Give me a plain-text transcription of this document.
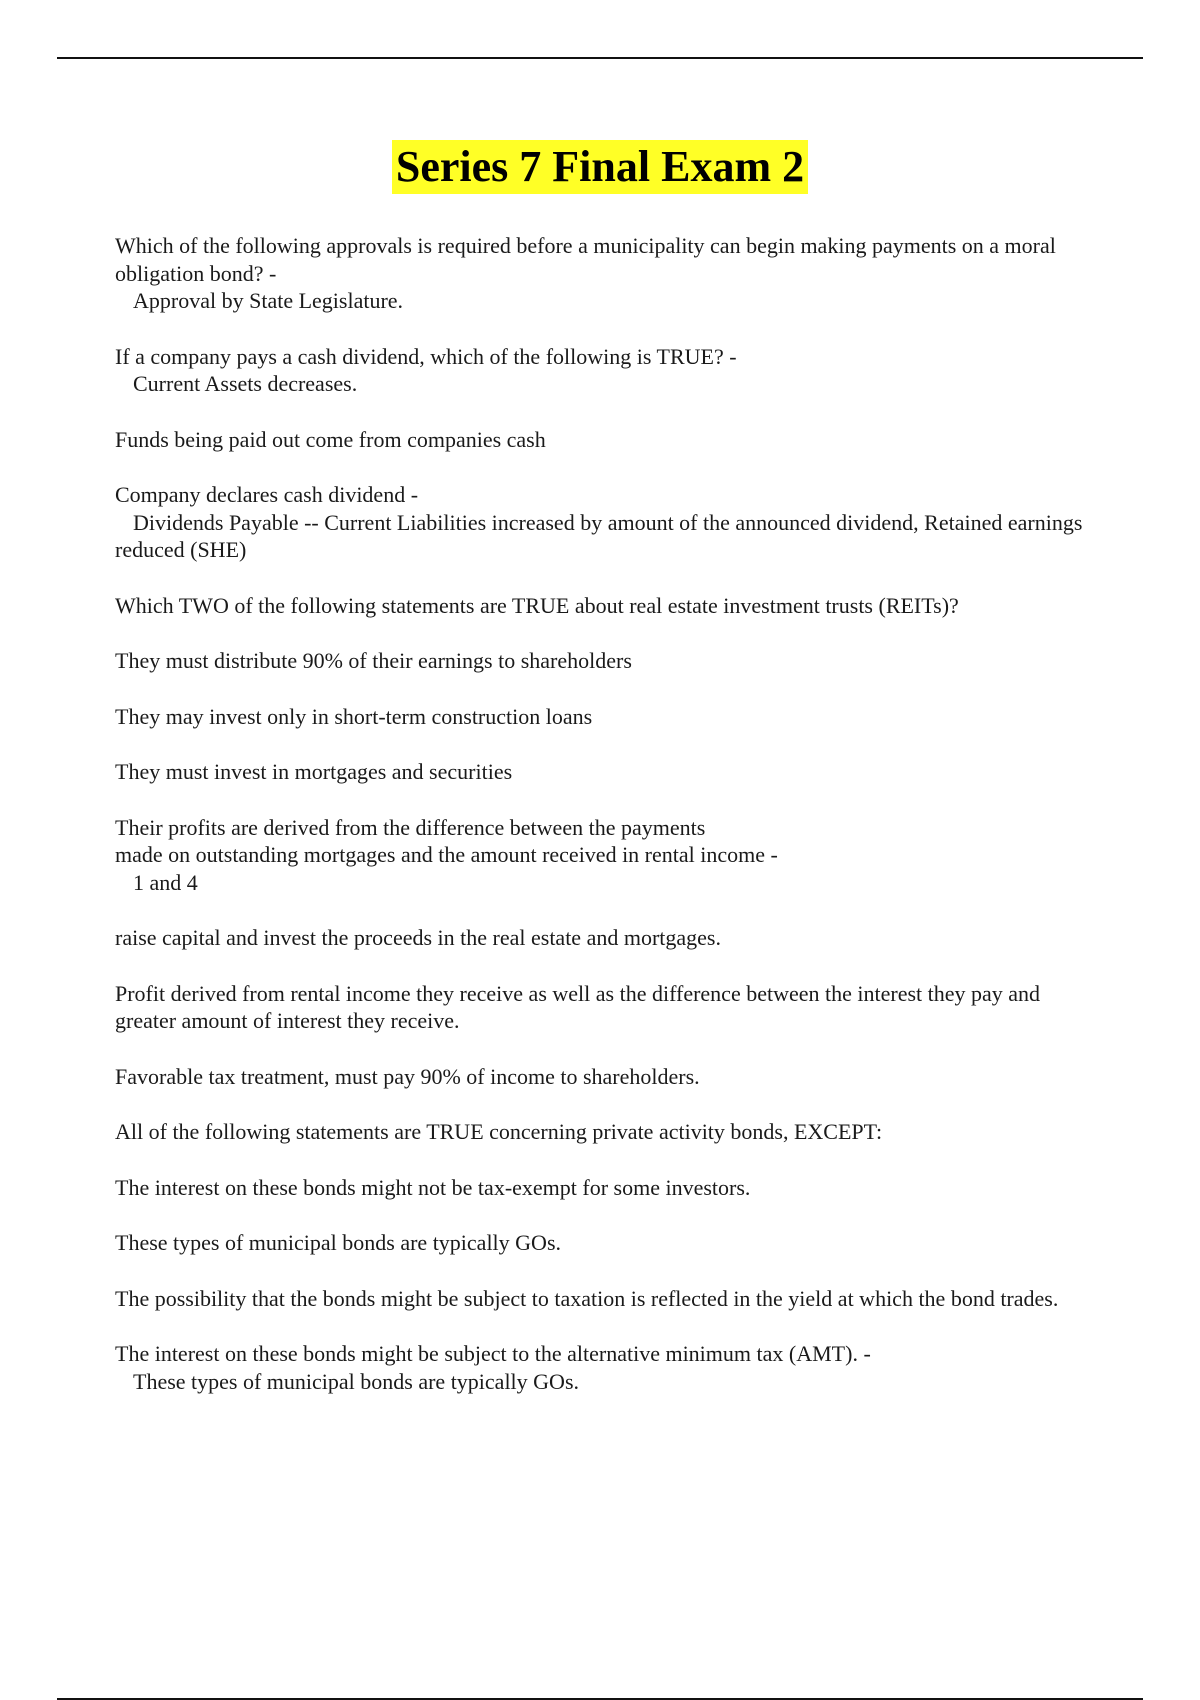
Series 7 Final Exam 2
Which of the following approvals is required before a municipality can begin making payments on a moral obligation bond? -
Approval by State Legislature.
If a company pays a cash dividend, which of the following is TRUE? -
Current Assets decreases.
Funds being paid out come from companies cash
Company declares cash dividend -
Dividends Payable -- Current Liabilities increased by amount of the announced dividend, Retained earnings reduced (SHE)
Which TWO of the following statements are TRUE about real estate investment trusts (REITs)?
They must distribute 90% of their earnings to shareholders
They may invest only in short-term construction loans
They must invest in mortgages and securities
Their profits are derived from the difference between the payments
made on outstanding mortgages and the amount received in rental income -
1 and 4
raise capital and invest the proceeds in the real estate and mortgages.
Profit derived from rental income they receive as well as the difference between the interest they pay and greater amount of interest they receive.
Favorable tax treatment, must pay 90% of income to shareholders.
All of the following statements are TRUE concerning private activity bonds, EXCEPT:
The interest on these bonds might not be tax-exempt for some investors.
These types of municipal bonds are typically GOs.
The possibility that the bonds might be subject to taxation is reflected in the yield at which the bond trades.
The interest on these bonds might be subject to the alternative minimum tax (AMT). -
These types of municipal bonds are typically GOs.
